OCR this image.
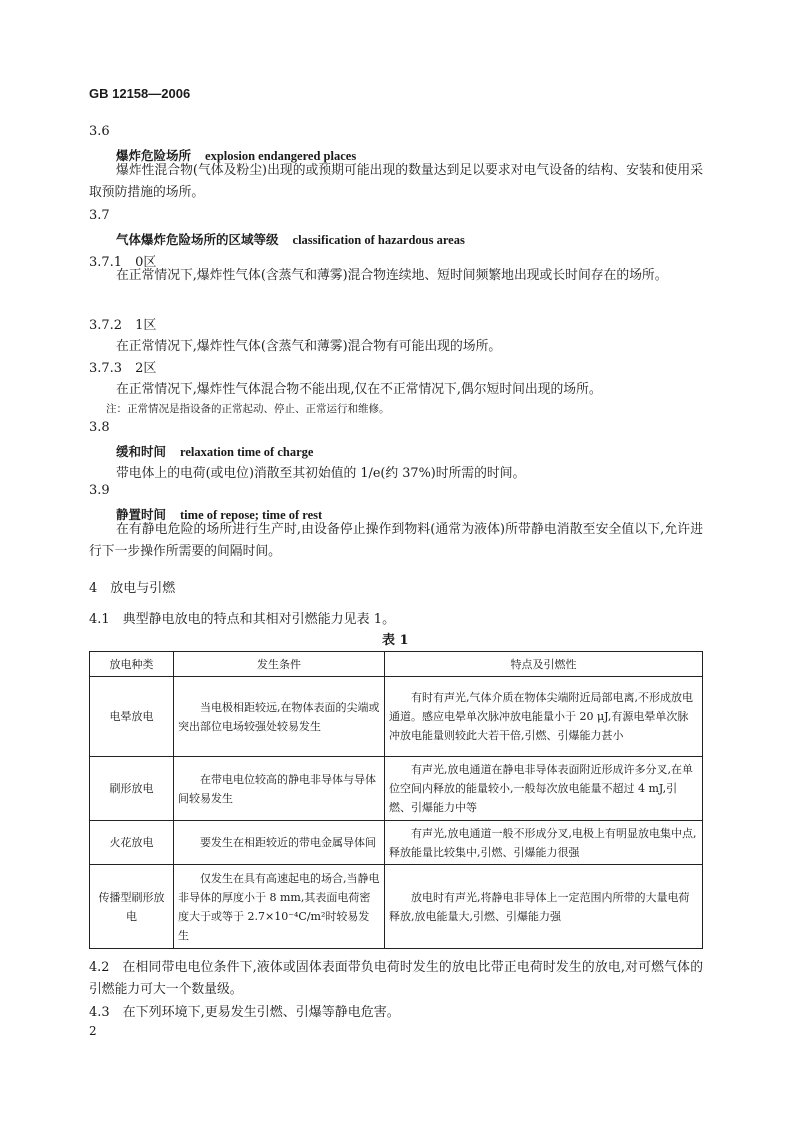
GB 12158—2006
3.6
爆炸危险场所 explosion endangered places
爆炸性混合物(气体及粉尘)出现的或预期可能出现的数量达到足以要求对电气设备的结构、安装和使用采取预防措施的场所。
3.7
气体爆炸危险场所的区域等级 classification of hazardous areas
3.7.1　0区
在正常情况下,爆炸性气体(含蒸气和薄雾)混合物连续地、短时间频繁地出现或长时间存在的场所。
3.7.2　1区
在正常情况下,爆炸性气体(含蒸气和薄雾)混合物有可能出现的场所。
3.7.3　2区
在正常情况下,爆炸性气体混合物不能出现,仅在不正常情况下,偶尔短时间出现的场所。
注：正常情况是指设备的正常起动、停止、正常运行和维修。
3.8
缓和时间 relaxation time of charge
带电体上的电荷(或电位)消散至其初始值的 1/e(约 37%)时所需的时间。
3.9
静置时间 time of repose; time of rest
在有静电危险的场所进行生产时,由设备停止操作到物料(通常为液体)所带静电消散至安全值以下,允许进行下一步操作所需要的间隔时间。
4　放电与引燃
4.1　典型静电放电的特点和其相对引燃能力见表 1。
表 1
放电种类	发生条件	特点及引燃性
电晕放电	当电极相距较远,在物体表面的尖端或突出部位电场较强处较易发生	有时有声光,气体介质在物体尖端附近局部电离,不形成放电通道。感应电晕单次脉冲放电能量小于 20 μJ,有源电晕单次脉冲放电能量则较此大若干倍,引燃、引爆能力甚小
刷形放电	在带电电位较高的静电非导体与导体间较易发生	有声光,放电通道在静电非导体表面附近形成许多分叉,在单位空间内释放的能量较小,一般每次放电能量不超过 4 mJ,引燃、引爆能力中等
火花放电	要发生在相距较近的带电金属导体间	有声光,放电通道一般不形成分叉,电极上有明显放电集中点,释放能量比较集中,引燃、引爆能力很强
传播型刷形放电	仅发生在具有高速起电的场合,当静电非导体的厚度小于 8 mm,其表面电荷密度大于或等于 2.7×10⁻⁴C/m²时较易发生	放电时有声光,将静电非导体上一定范围内所带的大量电荷释放,放电能量大,引燃、引爆能力强
4.2　在相同带电电位条件下,液体或固体表面带负电荷时发生的放电比带正电荷时发生的放电,对可燃气体的引燃能力可大一个数量级。
4.3　在下列环境下,更易发生引燃、引爆等静电危害。
2
